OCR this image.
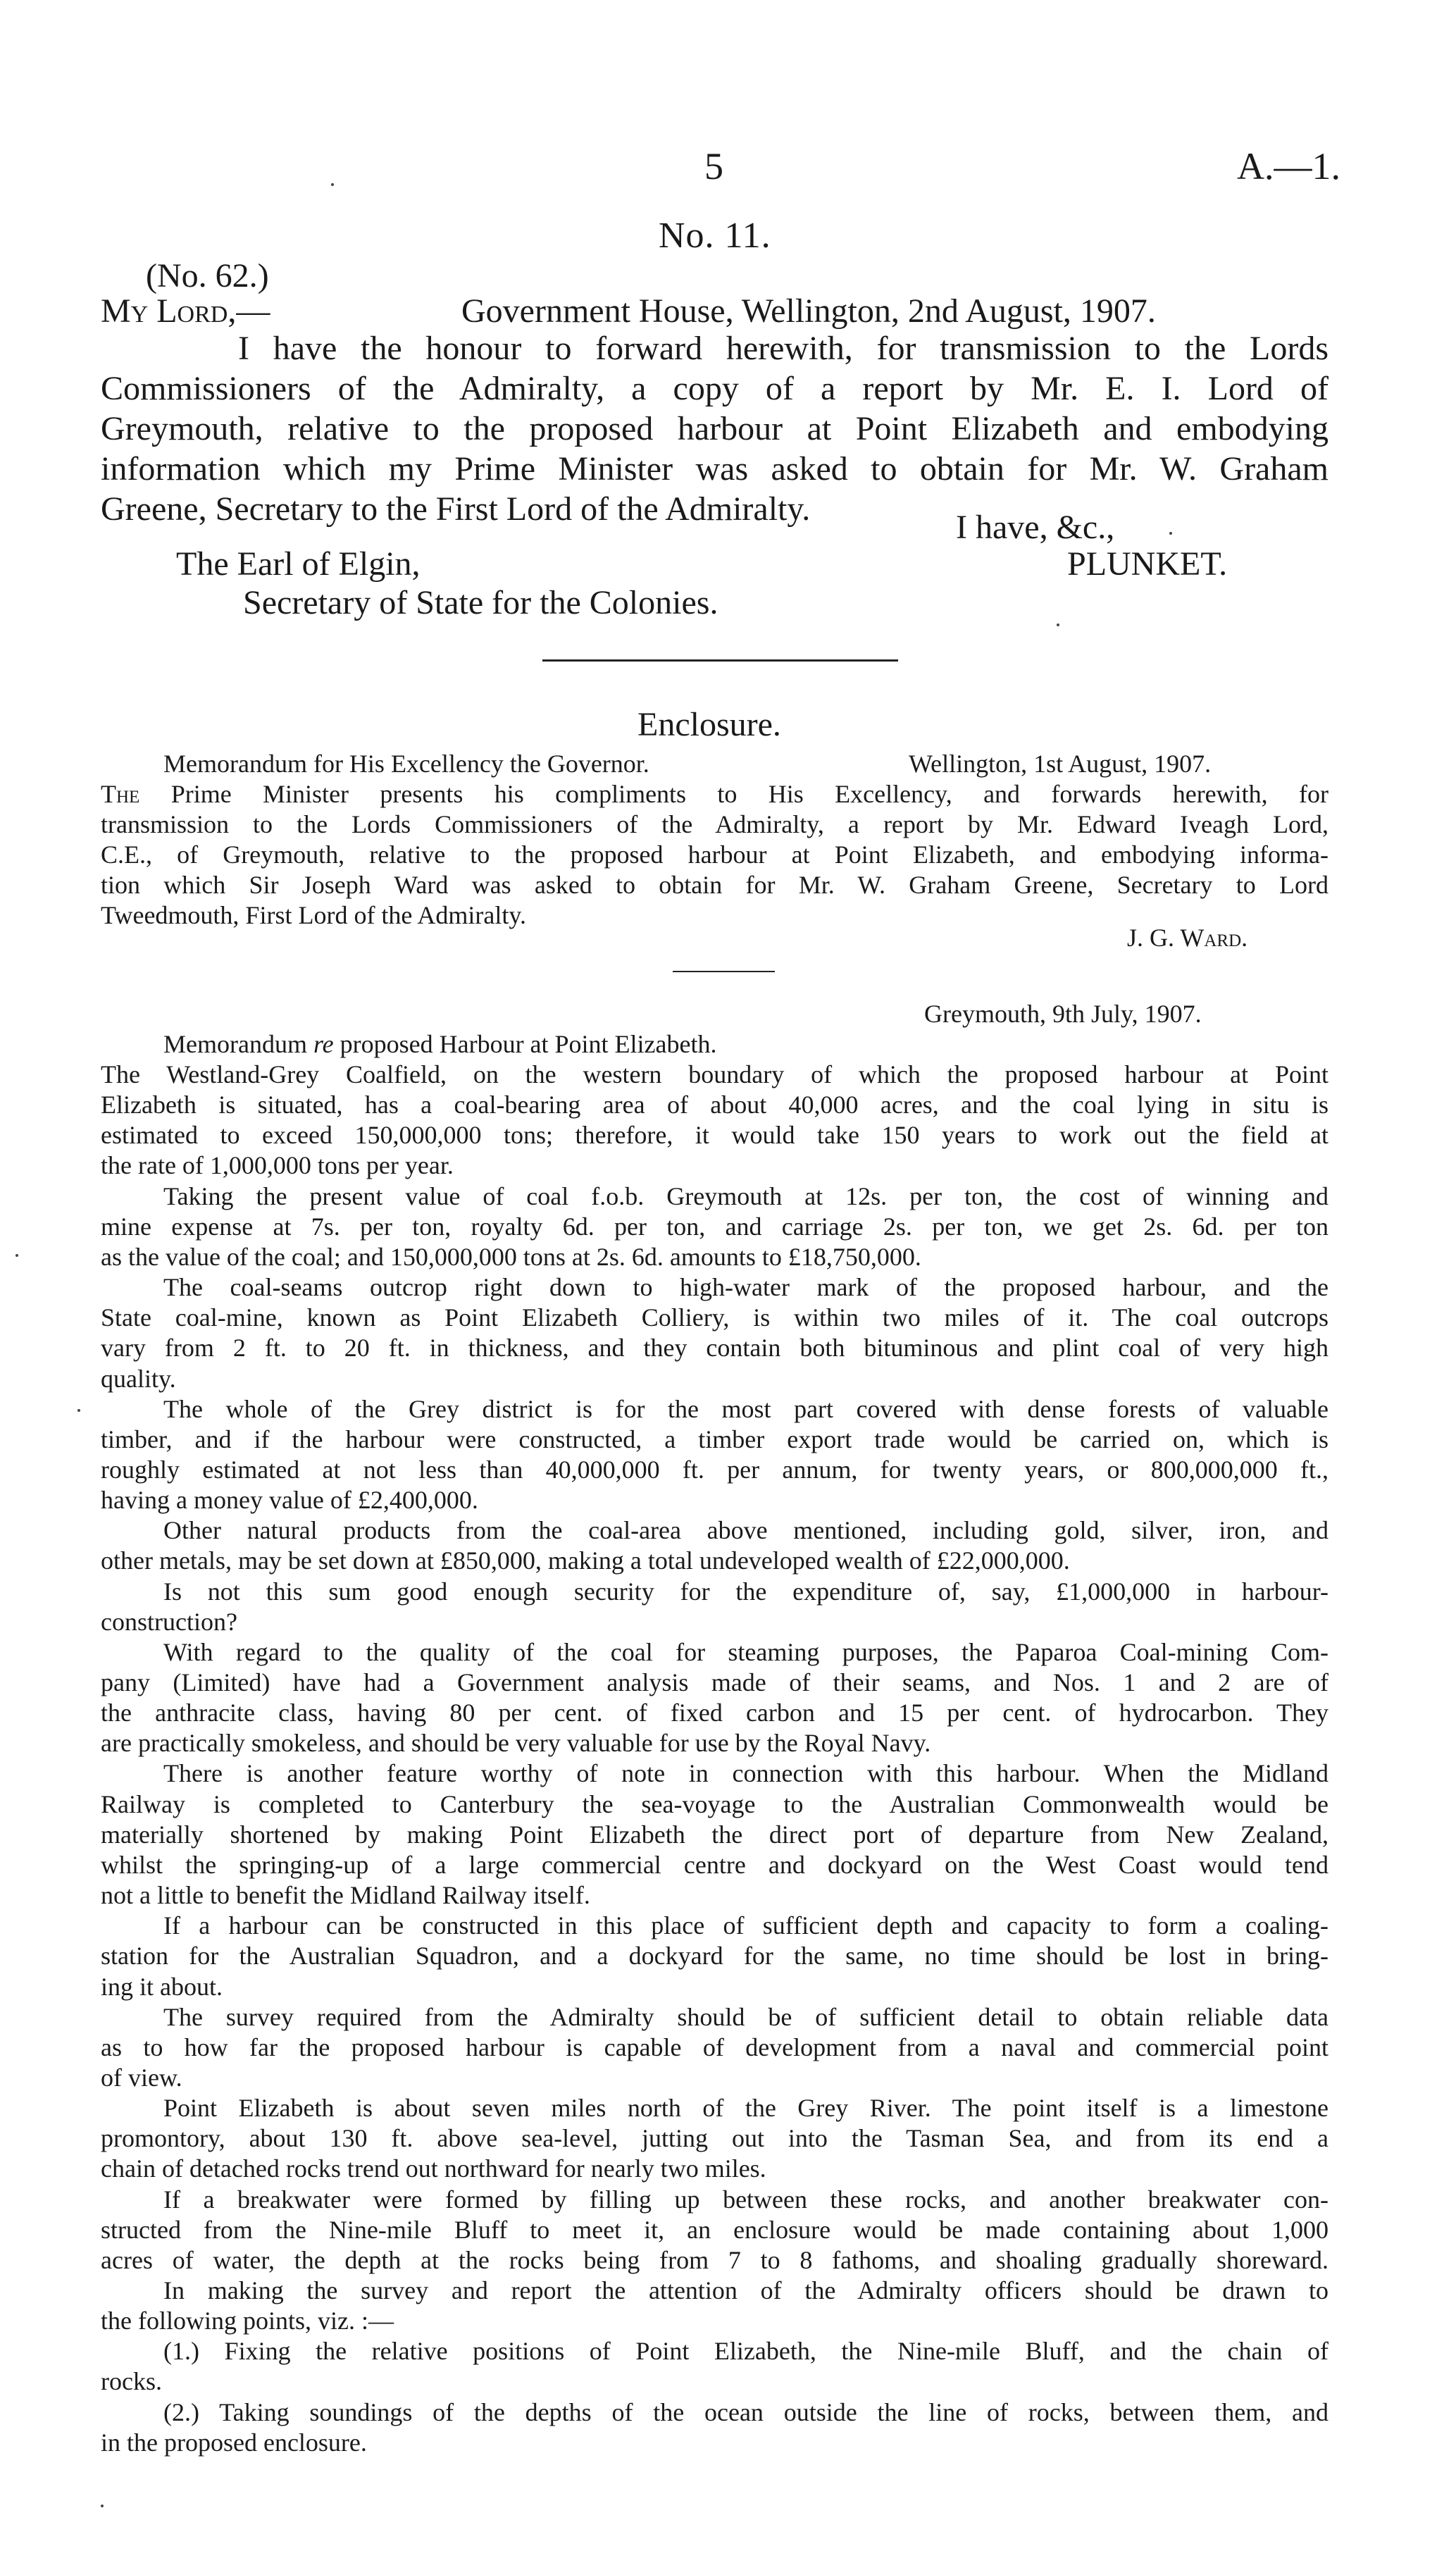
5	A.—1.
No. 11.
(No. 62.)
My Lord,—	Government House, Wellington, 2nd August, 1907.
I have the honour to forward herewith, for transmission to the Lords
Commissioners of the Admiralty, a copy of a report by Mr. E. I. Lord of
Greymouth, relative to the proposed harbour at Point Elizabeth and embodying
information which my Prime Minister was asked to obtain for Mr. W. Graham
Greene, Secretary to the First Lord of the Admiralty.	I have, &c.,
The Earl of Elgin,	PLUNKET.
Secretary of State for the Colonies.
Enclosure.
Memorandum for His Excellency the Governor.	Wellington, 1st August, 1907.
The Prime Minister presents his compliments to His Excellency, and forwards herewith, for
transmission to the Lords Commissioners of the Admiralty, a report by Mr. Edward Iveagh Lord,
C.E., of Greymouth, relative to the proposed harbour at Point Elizabeth, and embodying informa-
tion which Sir Joseph Ward was asked to obtain for Mr. W. Graham Greene, Secretary to Lord
Tweedmouth, First Lord of the Admiralty.
J. G. Ward.
Greymouth, 9th July, 1907.
Memorandum re proposed Harbour at Point Elizabeth.
The Westland-Grey Coalfield, on the western boundary of which the proposed harbour at Point
Elizabeth is situated, has a coal-bearing area of about 40,000 acres, and the coal lying in situ is
estimated to exceed 150,000,000 tons; therefore, it would take 150 years to work out the field at
the rate of 1,000,000 tons per year.
Taking the present value of coal f.o.b. Greymouth at 12s. per ton, the cost of winning and
mine expense at 7s. per ton, royalty 6d. per ton, and carriage 2s. per ton, we get 2s. 6d. per ton
as the value of the coal; and 150,000,000 tons at 2s. 6d. amounts to £18,750,000.
The coal-seams outcrop right down to high-water mark of the proposed harbour, and the
State coal-mine, known as Point Elizabeth Colliery, is within two miles of it. The coal outcrops
vary from 2 ft. to 20 ft. in thickness, and they contain both bituminous and plint coal of very high
quality.
The whole of the Grey district is for the most part covered with dense forests of valuable
timber, and if the harbour were constructed, a timber export trade would be carried on, which is
roughly estimated at not less than 40,000,000 ft. per annum, for twenty years, or 800,000,000 ft.,
having a money value of £2,400,000.
Other natural products from the coal-area above mentioned, including gold, silver, iron, and
other metals, may be set down at £850,000, making a total undeveloped wealth of £22,000,000.
Is not this sum good enough security for the expenditure of, say, £1,000,000 in harbour-
construction?
With regard to the quality of the coal for steaming purposes, the Paparoa Coal-mining Com-
pany (Limited) have had a Government analysis made of their seams, and Nos. 1 and 2 are of
the anthracite class, having 80 per cent. of fixed carbon and 15 per cent. of hydrocarbon. They
are practically smokeless, and should be very valuable for use by the Royal Navy.
There is another feature worthy of note in connection with this harbour. When the Midland
Railway is completed to Canterbury the sea-voyage to the Australian Commonwealth would be
materially shortened by making Point Elizabeth the direct port of departure from New Zealand,
whilst the springing-up of a large commercial centre and dockyard on the West Coast would tend
not a little to benefit the Midland Railway itself.
If a harbour can be constructed in this place of sufficient depth and capacity to form a coaling-
station for the Australian Squadron, and a dockyard for the same, no time should be lost in bring-
ing it about.
The survey required from the Admiralty should be of sufficient detail to obtain reliable data
as to how far the proposed harbour is capable of development from a naval and commercial point
of view.
Point Elizabeth is about seven miles north of the Grey River. The point itself is a limestone
promontory, about 130 ft. above sea-level, jutting out into the Tasman Sea, and from its end a
chain of detached rocks trend out northward for nearly two miles.
If a breakwater were formed by filling up between these rocks, and another breakwater con-
structed from the Nine-mile Bluff to meet it, an enclosure would be made containing about 1,000
acres of water, the depth at the rocks being from 7 to 8 fathoms, and shoaling gradually shoreward.
In making the survey and report the attention of the Admiralty officers should be drawn to
the following points, viz. :—
(1.) Fixing the relative positions of Point Elizabeth, the Nine-mile Bluff, and the chain of
rocks.
(2.) Taking soundings of the depths of the ocean outside the line of rocks, between them, and
in the proposed enclosure.
